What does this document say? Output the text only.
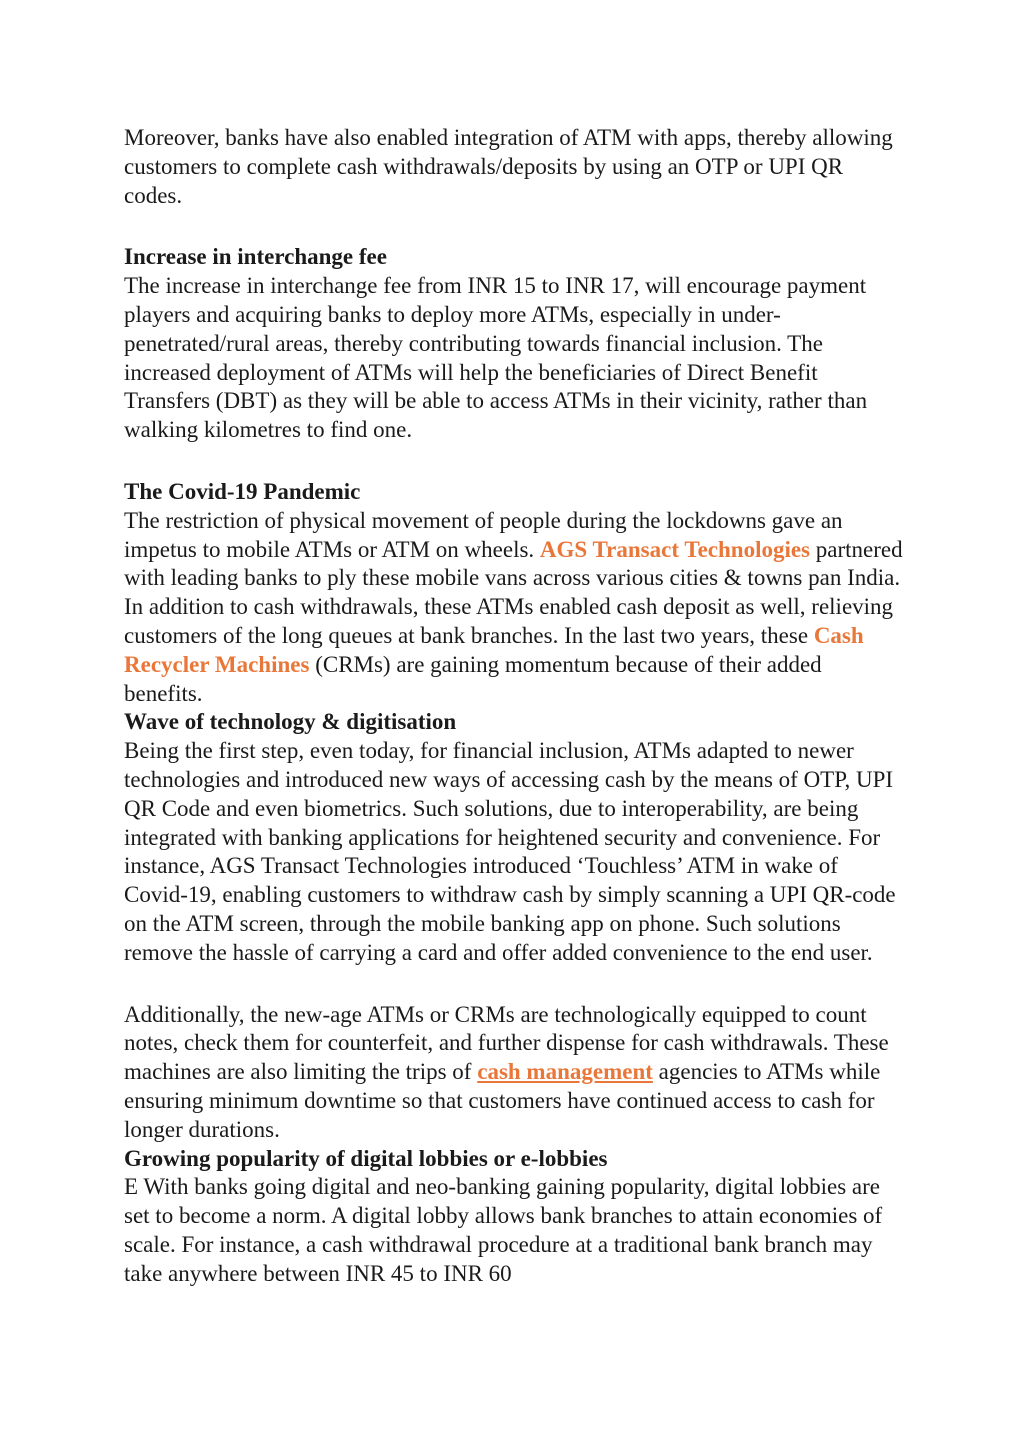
Moreover, banks have also enabled integration of ATM with apps, thereby allowing customers to complete cash withdrawals/deposits by using an OTP or UPI QR codes.

Increase in interchange fee

The increase in interchange fee from INR 15 to INR 17, will encourage payment players and acquiring banks to deploy more ATMs, especially in under-penetrated/rural areas, thereby contributing towards financial inclusion. The increased deployment of ATMs will help the beneficiaries of Direct Benefit Transfers (DBT) as they will be able to access ATMs in their vicinity, rather than walking kilometres to find one.

The Covid-19 Pandemic

The restriction of physical movement of people during the lockdowns gave an impetus to mobile ATMs or ATM on wheels. AGS Transact Technologies partnered with leading banks to ply these mobile vans across various cities & towns pan India. In addition to cash withdrawals, these ATMs enabled cash deposit as well, relieving customers of the long queues at bank branches. In the last two years, these Cash Recycler Machines (CRMs) are gaining momentum because of their added benefits.

Wave of technology & digitisation

Being the first step, even today, for financial inclusion, ATMs adapted to newer technologies and introduced new ways of accessing cash by the means of OTP, UPI QR Code and even biometrics. Such solutions, due to interoperability, are being integrated with banking applications for heightened security and convenience. For instance, AGS Transact Technologies introduced ‘Touchless’ ATM in wake of Covid-19, enabling customers to withdraw cash by simply scanning a UPI QR-code on the ATM screen, through the mobile banking app on phone. Such solutions remove the hassle of carrying a card and offer added convenience to the end user.

Additionally, the new-age ATMs or CRMs are technologically equipped to count notes, check them for counterfeit, and further dispense for cash withdrawals. These machines are also limiting the trips of cash management agencies to ATMs while ensuring minimum downtime so that customers have continued access to cash for longer durations.

Growing popularity of digital lobbies or e-lobbies

E With banks going digital and neo-banking gaining popularity, digital lobbies are set to become a norm. A digital lobby allows bank branches to attain economies of scale. For instance, a cash withdrawal procedure at a traditional bank branch may take anywhere between INR 45 to INR 60
